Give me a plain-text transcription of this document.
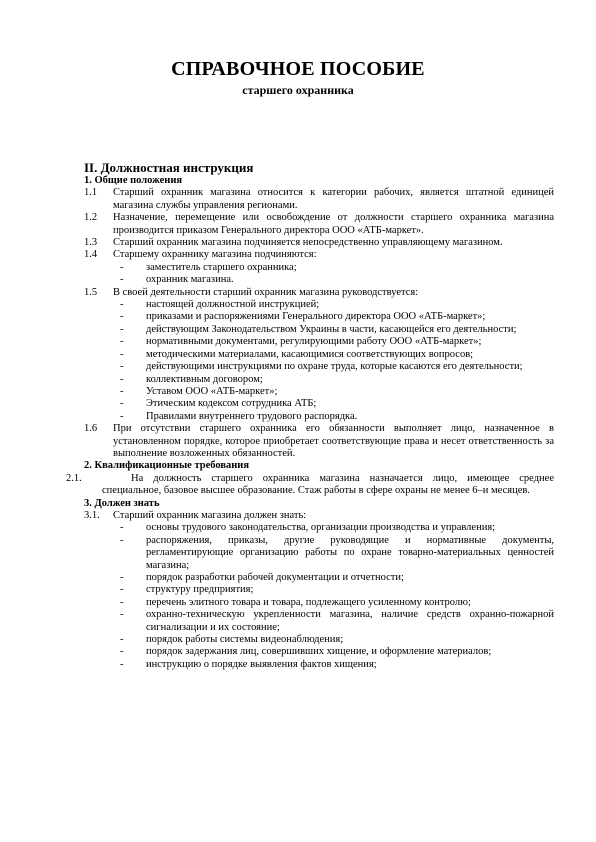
СПРАВОЧНОЕ ПОСОБИЕ
старшего охранника
II. Должностная инструкция
1. Общие положения
1.1 Старший охранник магазина относится к категории рабочих, является штатной единицей магазина службы управления регионами.
1.2 Назначение, перемещение или освобождение от должности старшего охранника магазина производится приказом Генерального директора ООО «АТБ-маркет».
1.3 Старший охранник магазина подчиняется непосредственно управляющему магазином.
1.4 Старшему охраннику магазина подчиняются:
- заместитель старшего охранника;
- охранник магазина.
1.5 В своей деятельности старший охранник магазина руководствуется:
- настоящей должностной инструкцией;
- приказами и распоряжениями Генерального директора ООО «АТБ-маркет»;
- действующим Законодательством Украины в части, касающейся его деятельности;
- нормативными документами, регулирующими работу ООО «АТБ-маркет»;
- методическими материалами, касающимися соответствующих вопросов;
- действующими инструкциями по охране труда, которые касаются его деятельности;
- коллективным договором;
- Уставом ООО «АТБ-маркет»;
- Этическим кодексом сотрудника АТБ;
- Правилами внутреннего трудового распорядка.
1.6 При отсутствии старшего охранника его обязанности выполняет лицо, назначенное в установленном порядке, которое приобретает соответствующие права и несет ответственность за выполнение возложенных обязанностей.
2. Квалификационные требования
2.1.	На должность старшего охранника магазина назначается лицо, имеющее среднее специальное, базовое высшее образование. Стаж работы в сфере охраны не менее 6–и месяцев.
3. Должен знать
3.1. Старший охранник магазина должен знать:
- основы трудового законодательства, организации производства и управления;
- распоряжения, приказы, другие руководящие и нормативные документы, регламентирующие организацию работы по охране товарно-материальных ценностей магазина;
- порядок разработки рабочей документации и отчетности;
- структуру предприятия;
- перечень элитного товара и товара, подлежащего усиленному контролю;
- охранно-техническую укрепленности магазина, наличие средств охранно-пожарной сигнализации и их состояние;
- порядок работы системы видеонаблюдения;
- порядок задержания лиц, совершивших хищение, и оформление материалов;
- инструкцию о порядке выявления фактов хищения;
